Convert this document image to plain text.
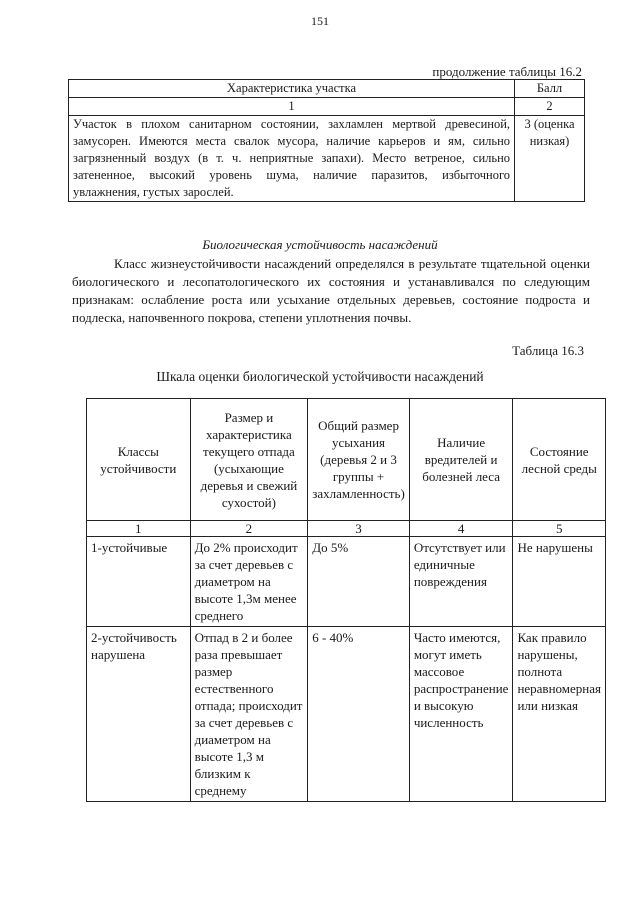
151
продолжение таблицы 16.2
Характеристика участка	Балл
1	2
Участок в плохом санитарном состоянии, захламлен мертвой древесиной, замусорен. Имеются места свалок мусора, наличие карьеров и ям, сильно загрязненный воздух (в т. ч. неприятные запахи). Место ветреное, сильно затененное, высокий уровень шума, наличие паразитов, избыточного увлажнения, густых зарослей.	3 (оценка низкая)
Биологическая устойчивость насаждений

Класс жизнеустойчивости насаждений определялся в результате тщательной оценки биологического и лесопатологического их состояния и устанавливался по следующим признакам: ослабление роста или усыхание отдельных деревьев, состояние подроста и подлеска, напочвенного покрова, степени уплотнения почвы.

Таблица 16.3
Шкала оценки биологической устойчивости насаждений
Классы устойчивости	Размер и характеристика текущего отпада (усыхающие деревья и свежий сухостой)	Общий размер усыхания (деревья 2 и 3 группы + захламленность)	Наличие вредителей и болезней леса	Состояние лесной среды
1	2	3	4	5
1-устойчивые	До 2% происходит за счет деревьев с диаметром на высоте 1,3м менее среднего	До 5%	Отсутствует или единичные повреждения	Не нарушены
2-устойчивость нарушена	Отпад в 2 и более раза превышает размер естественного отпада; происходит за счет деревьев с диаметром на высоте 1,3 м близким к среднему	6 - 40%	Часто имеются, могут иметь массовое распространение и высокую численность	Как правило нарушены, полнота неравномерная или низкая
